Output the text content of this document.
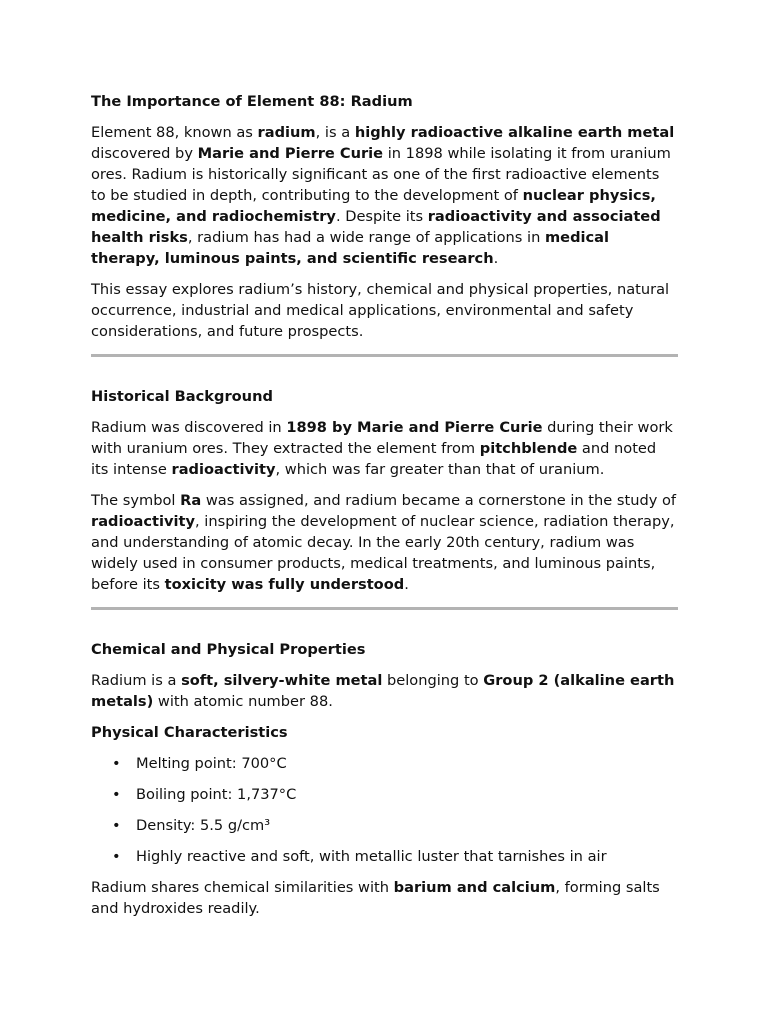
The Importance of Element 88: Radium

Element 88, known as radium, is a highly radioactive alkaline earth metal discovered by Marie and Pierre Curie in 1898 while isolating it from uranium ores. Radium is historically significant as one of the first radioactive elements to be studied in depth, contributing to the development of nuclear physics, medicine, and radiochemistry. Despite its radioactivity and associated health risks, radium has had a wide range of applications in medical therapy, luminous paints, and scientific research.

This essay explores radium’s history, chemical and physical properties, natural occurrence, industrial and medical applications, environmental and safety considerations, and future prospects.

Historical Background

Radium was discovered in 1898 by Marie and Pierre Curie during their work with uranium ores. They extracted the element from pitchblende and noted its intense radioactivity, which was far greater than that of uranium.

The symbol Ra was assigned, and radium became a cornerstone in the study of radioactivity, inspiring the development of nuclear science, radiation therapy, and understanding of atomic decay. In the early 20th century, radium was widely used in consumer products, medical treatments, and luminous paints, before its toxicity was fully understood.

Chemical and Physical Properties

Radium is a soft, silvery-white metal belonging to Group 2 (alkaline earth metals) with atomic number 88.

Physical Characteristics
• Melting point: 700°C
• Boiling point: 1,737°C
• Density: 5.5 g/cm³
• Highly reactive and soft, with metallic luster that tarnishes in air

Radium shares chemical similarities with barium and calcium, forming salts and hydroxides readily.
